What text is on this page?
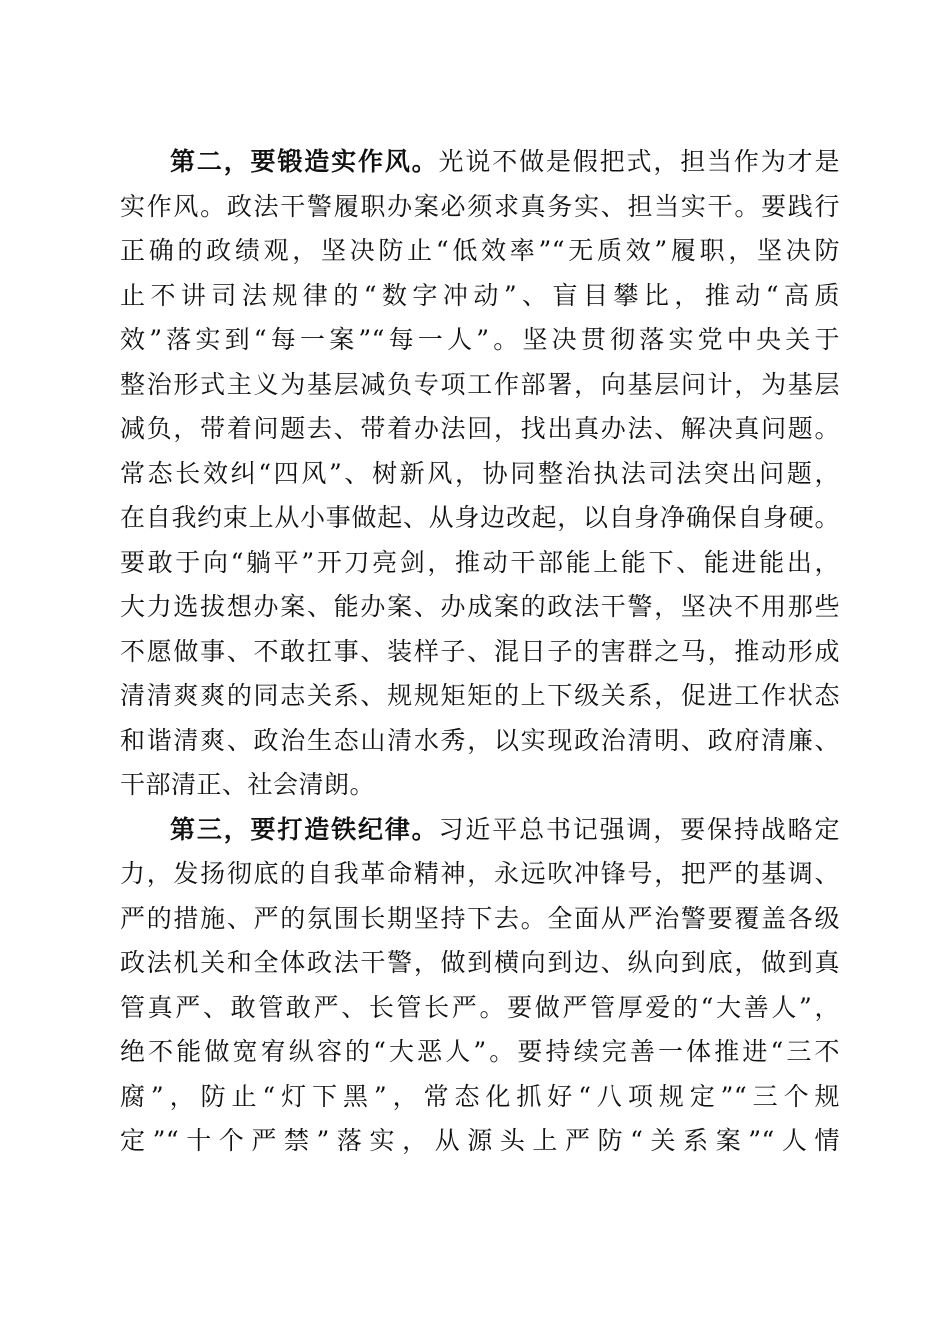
第二，要锻造实作风。光说不做是假把式，担当作为才是
实作风。政法干警履职办案必须求真务实、担当实干。要践行
正确的政绩观，坚决防止“低效率”“无质效”履职，坚决防
止不讲司法规律的“数字冲动”、盲目攀比，推动“高质
效”落实到“每一案”“每一人”。坚决贯彻落实党中央关于
整治形式主义为基层减负专项工作部署，向基层问计，为基层
减负，带着问题去、带着办法回，找出真办法、解决真问题。
常态长效纠“四风”、树新风，协同整治执法司法突出问题，
在自我约束上从小事做起、从身边改起，以自身净确保自身硬。
要敢于向“躺平”开刀亮剑，推动干部能上能下、能进能出，
大力选拔想办案、能办案、办成案的政法干警，坚决不用那些
不愿做事、不敢扛事、装样子、混日子的害群之马，推动形成
清清爽爽的同志关系、规规矩矩的上下级关系，促进工作状态
和谐清爽、政治生态山清水秀，以实现政治清明、政府清廉、
干部清正、社会清朗。
第三，要打造铁纪律。习近平总书记强调，要保持战略定
力，发扬彻底的自我革命精神，永远吹冲锋号，把严的基调、
严的措施、严的氛围长期坚持下去。全面从严治警要覆盖各级
政法机关和全体政法干警，做到横向到边、纵向到底，做到真
管真严、敢管敢严、长管长严。要做严管厚爱的“大善人”，
绝不能做宽宥纵容的“大恶人”。要持续完善一体推进“三不
腐”，防止“灯下黑”，常态化抓好“八项规定”“三个规
定”“十个严禁”落实，从源头上严防“关系案”“人情
